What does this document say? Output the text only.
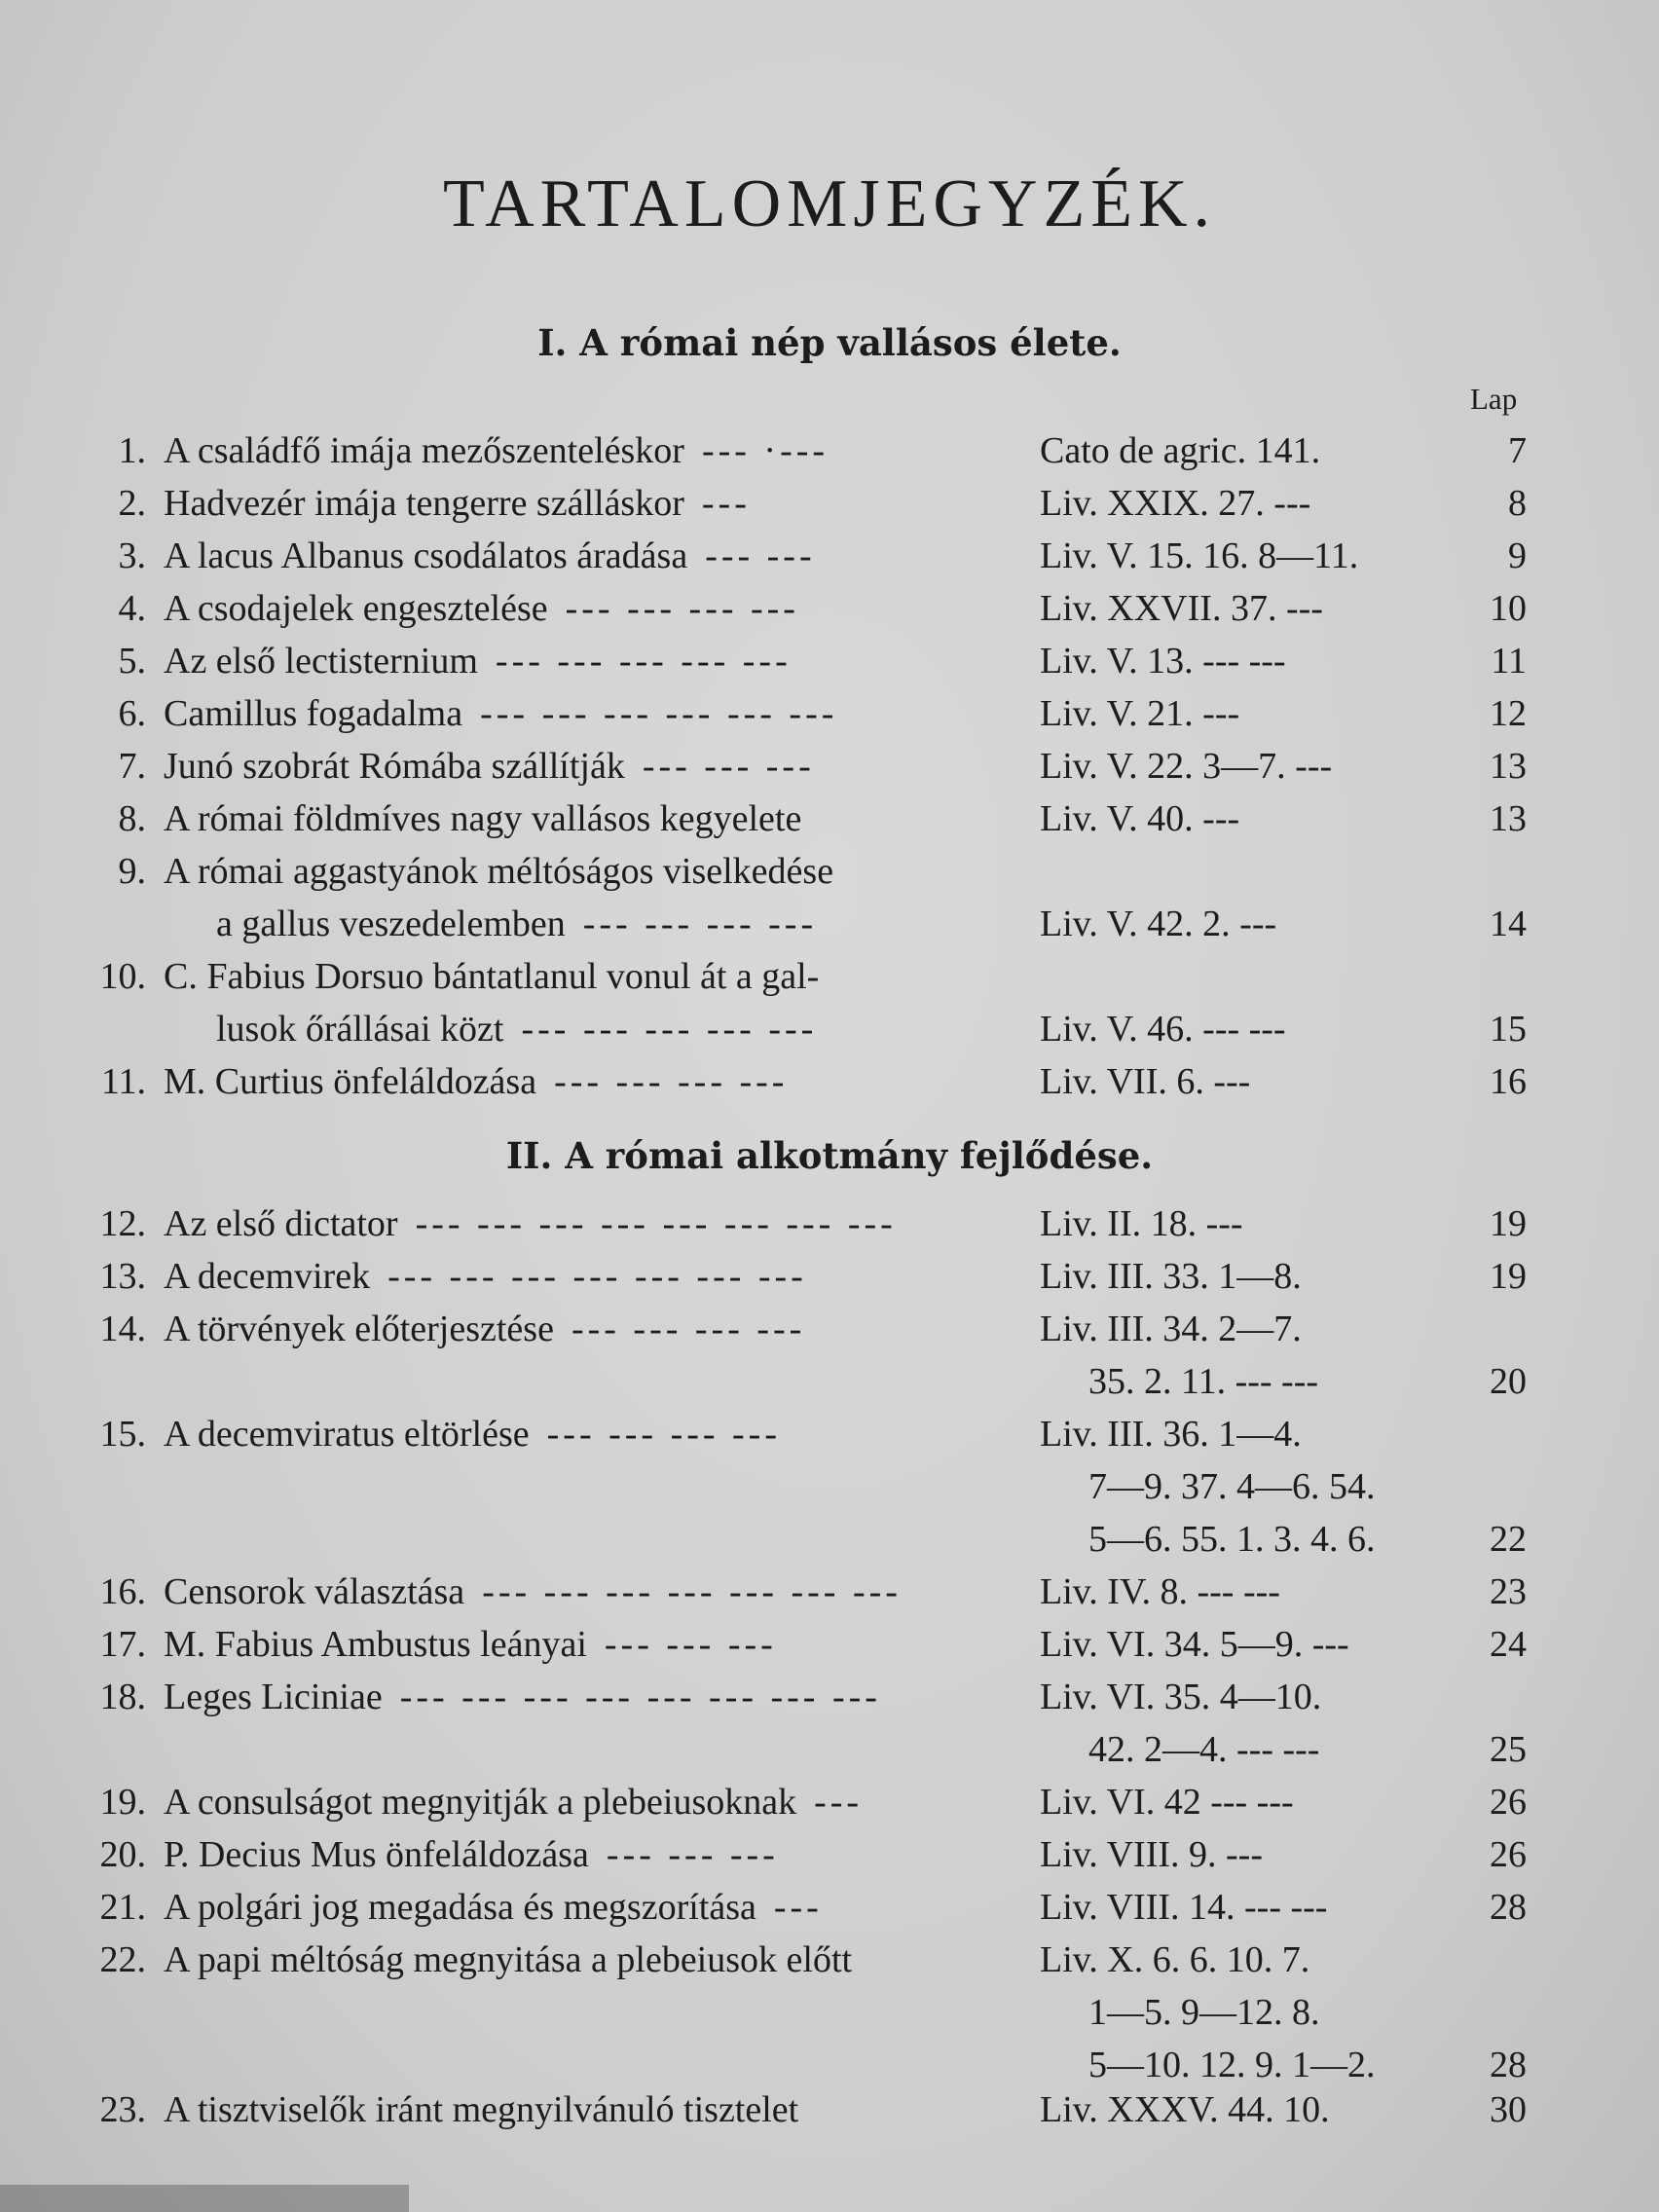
TARTALOMJEGYZÉK.
I. A római nép vallásos élete.
Lap
1. A családfő imája mezőszenteléskor --- ·---	Cato de agric. 141.	7
2. Hadvezér imája tengerre szálláskor ---	Liv. XXIX. 27. ---	8
3. A lacus Albanus csodálatos áradása --- ---	Liv. V. 15. 16. 8—11.	9
4. A csodajelek engesztelése --- --- --- ---	Liv. XXVII. 37. ---	10
5. Az első lectisternium --- --- --- --- ---	Liv. V. 13. --- ---	11
6. Camillus fogadalma --- --- --- --- --- ---	Liv. V. 21. ---	12
7. Junó szobrát Rómába szállítják --- --- ---	Liv. V. 22. 3—7. ---	13
8. A római földmíves nagy vallásos kegyelete	Liv. V. 40. ---	13
9. A római aggastyánok méltóságos viselkedése
a gallus veszedelemben --- --- --- ---	Liv. V. 42. 2. ---	14
10. C. Fabius Dorsuo bántatlanul vonul át a gal-
lusok őrállásai közt --- --- --- --- ---	Liv. V. 46. --- ---	15
11. M. Curtius önfeláldozása --- --- --- ---	Liv. VII. 6. ---	16
II. A római alkotmány fejlődése.
12. Az első dictator --- --- --- --- --- --- --- ---	Liv. II. 18. ---	19
13. A decemvirek --- --- --- --- --- --- ---	Liv. III. 33. 1—8.	19
14. A törvények előterjesztése --- --- --- ---	Liv. III. 34. 2—7.
35. 2. 11. --- ---	20
15. A decemviratus eltörlése --- --- --- ---	Liv. III. 36. 1—4.
7—9. 37. 4—6. 54.
5—6. 55. 1. 3. 4. 6.	22
16. Censorok választása --- --- --- --- --- --- ---	Liv. IV. 8. --- ---	23
17. M. Fabius Ambustus leányai --- --- ---	Liv. VI. 34. 5—9. ---	24
18. Leges Liciniae --- --- --- --- --- --- --- ---	Liv. VI. 35. 4—10.
42. 2—4. --- ---	25
19. A consulságot megnyitják a plebeiusoknak ---	Liv. VI. 42 --- ---	26
20. P. Decius Mus önfeláldozása --- --- ---	Liv. VIII. 9. ---	26
21. A polgári jog megadása és megszorítása ---	Liv. VIII. 14. --- ---	28
22. A papi méltóság megnyitása a plebeiusok előtt	Liv. X. 6. 6. 10. 7.
1—5. 9—12. 8.
5—10. 12. 9. 1—2.	28
23. A tisztviselők iránt megnyilvánuló tisztelet	Liv. XXXV. 44. 10.	30
